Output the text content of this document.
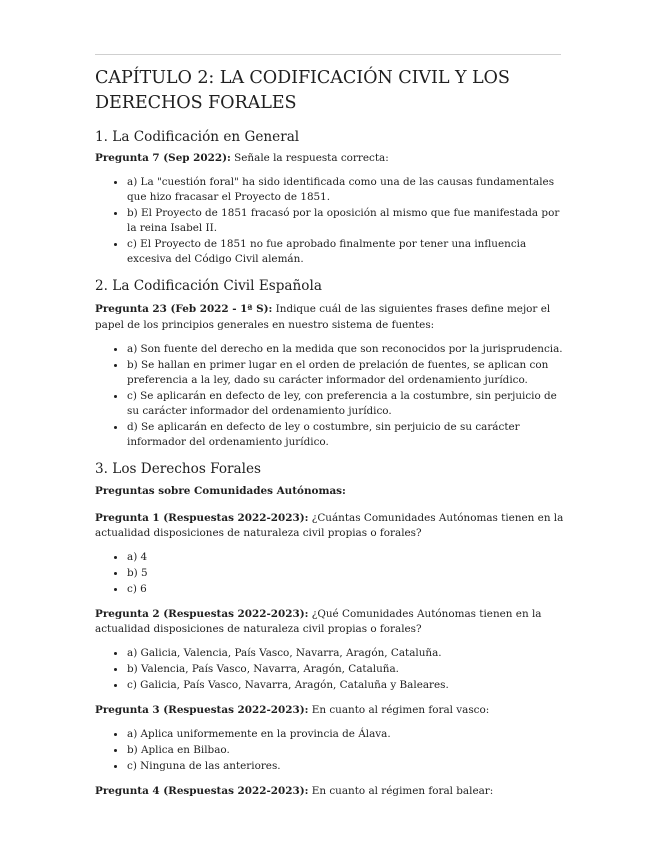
CAPÍTULO 2: LA CODIFICACIÓN CIVIL Y LOS DERECHOS FORALES
1. La Codificación en General

Pregunta 7 (Sep 2022): Señale la respuesta correcta:

• a) La "cuestión foral" ha sido identificada como una de las causas fundamentales que hizo fracasar el Proyecto de 1851.
• b) El Proyecto de 1851 fracasó por la oposición al mismo que fue manifestada por la reina Isabel II.
• c) El Proyecto de 1851 no fue aprobado finalmente por tener una influencia excesiva del Código Civil alemán.
2. La Codificación Civil Española

Pregunta 23 (Feb 2022 - 1ª S): Indique cuál de las siguientes frases define mejor el papel de los principios generales en nuestro sistema de fuentes:

• a) Son fuente del derecho en la medida que son reconocidos por la jurisprudencia.
• b) Se hallan en primer lugar en el orden de prelación de fuentes, se aplican con preferencia a la ley, dado su carácter informador del ordenamiento jurídico.
• c) Se aplicarán en defecto de ley, con preferencia a la costumbre, sin perjuicio de su carácter informador del ordenamiento jurídico.
• d) Se aplicarán en defecto de ley o costumbre, sin perjuicio de su carácter informador del ordenamiento jurídico.
3. Los Derechos Forales

Preguntas sobre Comunidades Autónomas:

Pregunta 1 (Respuestas 2022-2023): ¿Cuántas Comunidades Autónomas tienen en la actualidad disposiciones de naturaleza civil propias o forales?

• a) 4
• b) 5
• c) 6

Pregunta 2 (Respuestas 2022-2023): ¿Qué Comunidades Autónomas tienen en la actualidad disposiciones de naturaleza civil propias o forales?

• a) Galicia, Valencia, País Vasco, Navarra, Aragón, Cataluña.
• b) Valencia, País Vasco, Navarra, Aragón, Cataluña.
• c) Galicia, País Vasco, Navarra, Aragón, Cataluña y Baleares.

Pregunta 3 (Respuestas 2022-2023): En cuanto al régimen foral vasco:

• a) Aplica uniformemente en la provincia de Álava.
• b) Aplica en Bilbao.
• c) Ninguna de las anteriores.

Pregunta 4 (Respuestas 2022-2023): En cuanto al régimen foral balear:
